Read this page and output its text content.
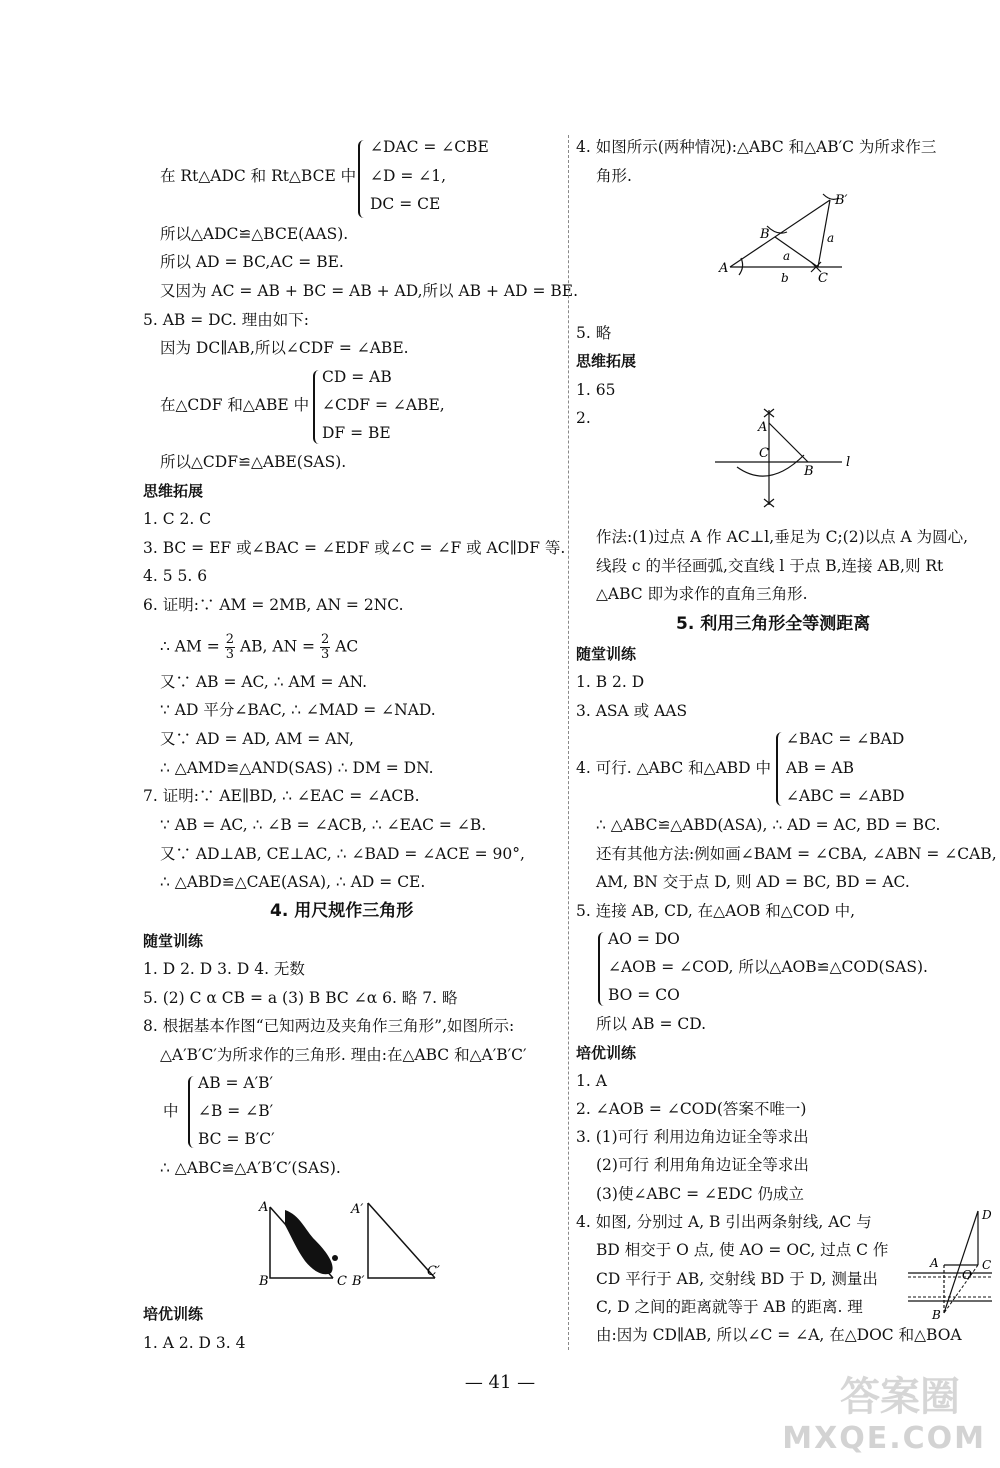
∠DAC = ∠CBE
在 Rt△ADC 和 Rt△BCE 中 ∠D = ∠1,
DC = CE
所以△ADC≌△BCE(AAS).
所以 AD = BC,AC = BE.
又因为 AC = AB + BC = AB + AD,所以 AB + AD = BE.
5. AB = DC. 理由如下:
因为 DC∥AB,所以∠CDF = ∠ABE.
CD = AB
在△CDF 和△ABE 中 ∠CDF = ∠ABE,
DF = BE
所以△CDF≌△ABE(SAS).
思维拓展
1. C 2. C
3. BC = EF 或∠BAC = ∠EDF 或∠C = ∠F 或 AC∥DF 等.
4. 5 5. 6
6. 证明:∵ AM = 2MB, AN = 2NC.
∴ AM = $\frac{2}{3}$ AB, AN = $\frac{2}{3}$ AC
又∵ AB = AC, ∴ AM = AN.
∵ AD 平分∠BAC, ∴ ∠MAD = ∠NAD.
又∵ AD = AD, AM = AN,
∴ △AMD≌△AND(SAS) ∴ DM = DN.
7. 证明:∵ AE∥BD, ∴ ∠EAC = ∠ACB.
∵ AB = AC, ∴ ∠B = ∠ACB, ∴ ∠EAC = ∠B.
又∵ AD⊥AB, CE⊥AC, ∴ ∠BAD = ∠ACE = 90°,
∴ △ABD≌△CAE(ASA), ∴ AD = CE.
4. 用尺规作三角形
随堂训练
1. D 2. D 3. D 4. 无数
5. (2) C α CB = a (3) B BC ∠α 6. 略 7. 略
8. 根据基本作图“已知两边及夹角作三角形”,如图所示:
△A′B′C′为所求作的三角形. 理由:在△ABC 和△A′B′C′
AB = A′B′
中 ∠B = ∠B′
BC = B′C′
∴ △ABC≌△A′B′C′(SAS).
A
B	C
A′
B′
C′
培优训练
1. A 2. D 3. 4
4. 如图所示(两种情况):△ABC 和△AB′C 为所求作三
角形.
A
B
C
B′
a
a
b
5. 略
思维拓展
1. 65
2.
A
C
B
l
作法:(1)过点 A 作 AC⊥l,垂足为 C;(2)以点 A 为圆心,
线段 c 的半径画弧,交直线 l 于点 B,连接 AB,则 Rt
△ABC 即为求作的直角三角形.
5. 利用三角形全等测距离
随堂训练
1. B 2. D
3. ASA 或 AAS
∠BAC = ∠BAD
4. 可行. △ABC 和△ABD 中 AB = AB
∠ABC = ∠ABD
∴ △ABC≌△ABD(ASA), ∴ AD = AC, BD = BC.
还有其他方法:例如画∠BAM = ∠CBA, ∠ABN = ∠CAB,
AM, BN 交于点 D, 则 AD = BC, BD = AC.
5. 连接 AB, CD, 在△AOB 和△COD 中,
AO = DO
∠AOB = ∠COD, 所以△AOB≌△COD(SAS).
BO = CO
所以 AB = CD.
培优训练
1. A
2. ∠AOB = ∠COD(答案不唯一)
3. (1)可行 利用边角边证全等求出
(2)可行 利用角角边证全等求出
(3)使∠ABC = ∠EDC 仍成立
4. 如图, 分别过 A, B 引出两条射线, AC 与
BD 相交于 O 点, 使 AO = OC, 过点 C 作
CD 平行于 AB, 交射线 BD 于 D, 测量出
C, D 之间的距离就等于 AB 的距离. 理
由:因为 CD∥AB, 所以∠C = ∠A, 在△DOC 和△BOA
D
A	C
O
B
— 41 —	答案圈
MXQE.COM
